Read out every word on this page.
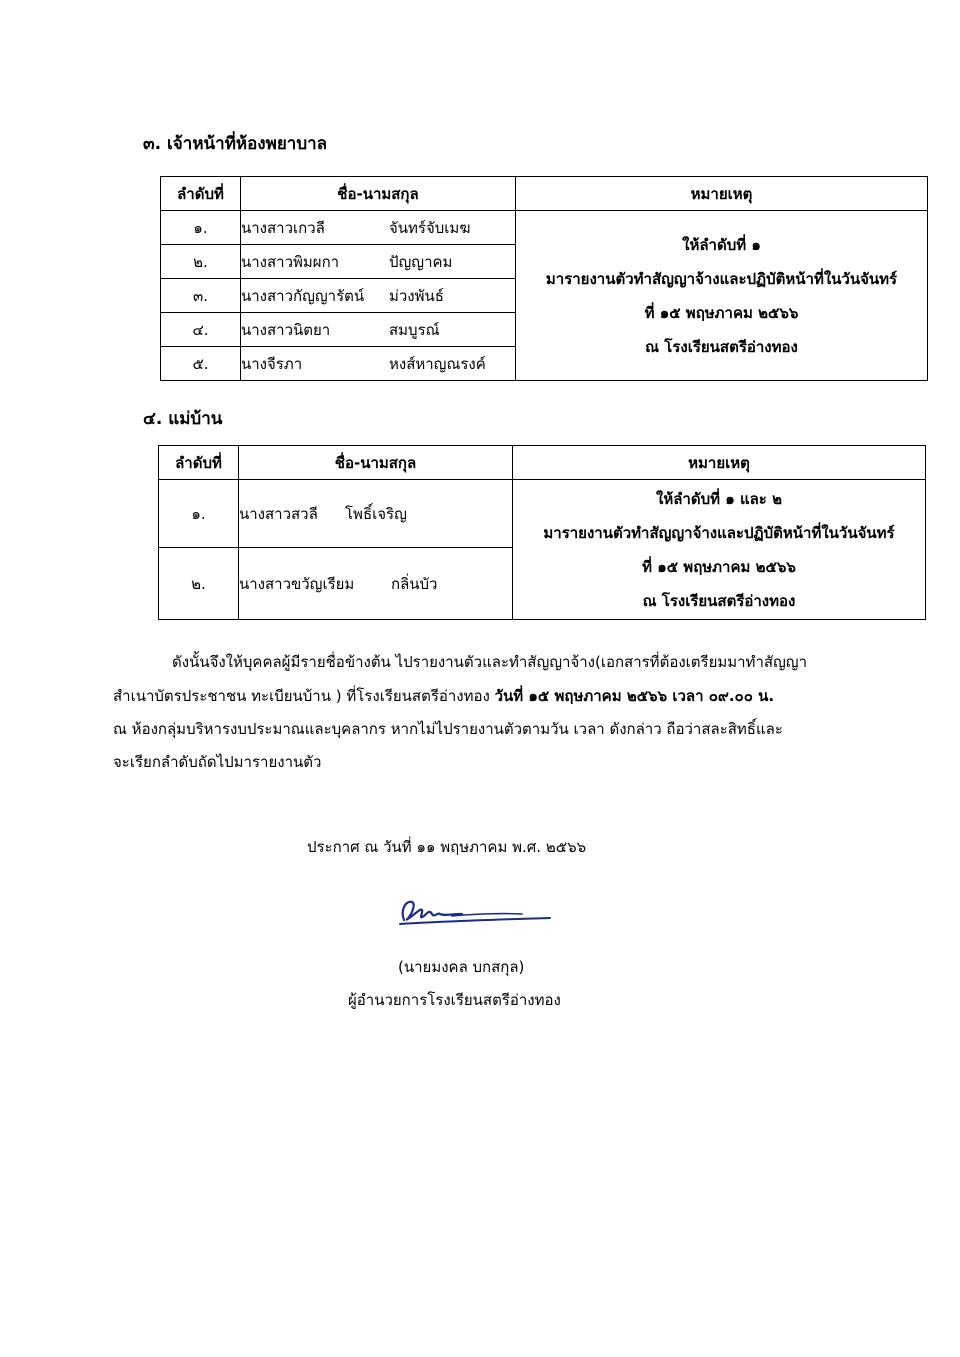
๓. เจ้าหน้าที่ห้องพยาบาล
ลำดับที่	ชื่อ-นามสกุล	หมายเหตุ
๑.	นางสาวเกวลี จันทร์จับเมฆ	ให้ลำดับที่ ๑
มารายงานตัวทำสัญญาจ้างและปฏิบัติหน้าที่ในวันจันทร์
ที่ ๑๕ พฤษภาคม ๒๕๖๖
ณ โรงเรียนสตรีอ่างทอง

๒.	นางสาวพิมผกา ปัญญาคม	

๓.	นางสาวกัญญารัตน์ ม่วงพันธ์	

๔.	นางสาวนิตยา สมบูรณ์	

๕.	นางจีรภา หงส์หาญณรงค์	
๔. แม่บ้าน
ลำดับที่	ชื่อ-นามสกุล	หมายเหตุ
๑.	นางสาวสวลี โพธิ์เจริญ	ให้ลำดับที่ ๑ และ ๒
มารายงานตัวทำสัญญาจ้างและปฏิบัติหน้าที่ในวันจันทร์
ที่ ๑๕ พฤษภาคม ๒๕๖๖
ณ โรงเรียนสตรีอ่างทอง

๒.	นางสาวขวัญเรียม กลิ่นบัว	
ดังนั้นจึงให้บุคคลผู้มีรายชื่อข้างต้น ไปรายงานตัวและทำสัญญาจ้าง(เอกสารที่ต้องเตรียมมาทำสัญญา
สำเนาบัตรประชาชน ทะเบียนบ้าน ) ที่โรงเรียนสตรีอ่างทอง วันที่ ๑๕ พฤษภาคม ๒๕๖๖ เวลา ๐๙.๐๐ น.
ณ ห้องกลุ่มบริหารงบประมาณและบุคลากร หากไม่ไปรายงานตัวตามวัน เวลา ดังกล่าว ถือว่าสละสิทธิ์และ
จะเรียกลำดับถัดไปมารายงานตัว
ประกาศ ณ วันที่ ๑๑ พฤษภาคม พ.ศ. ๒๕๖๖
(นายมงคล บกสกุล)
ผู้อำนวยการโรงเรียนสตรีอ่างทอง
